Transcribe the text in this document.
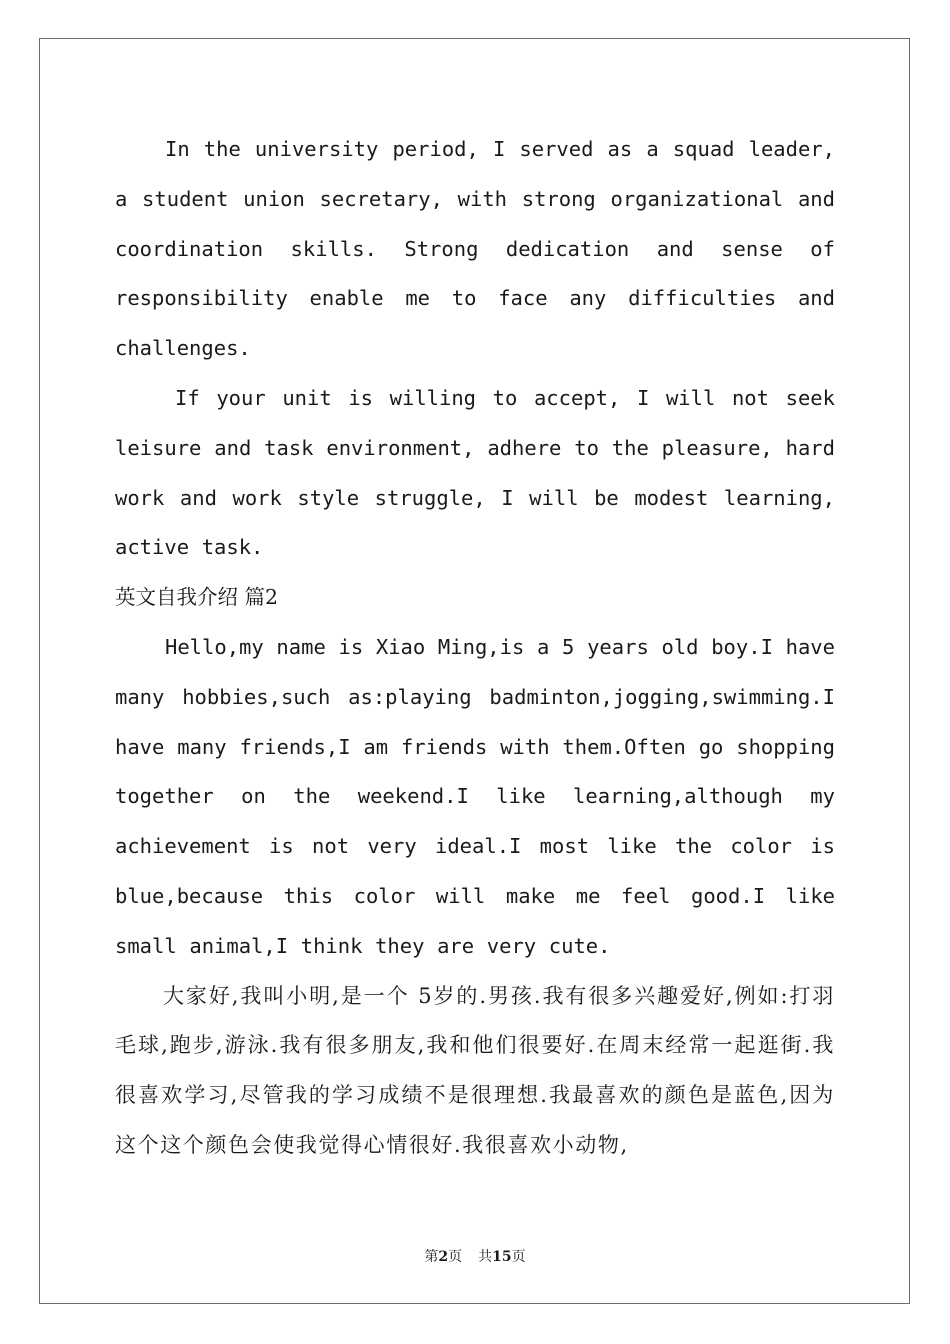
In the university period, I served as a squad leader, a student union secretary, with strong organizational and coordination skills. Strong dedication and sense of responsibility enable me to face any difficulties and challenges.

If your unit is willing to accept, I will not seek leisure and task environment, adhere to the pleasure, hard work and work style struggle, I will be modest learning, active task.

英文自我介绍 篇2

Hello,my name is Xiao Ming,is a 5 years old boy.I have many hobbies,such as:playing badminton,jogging,swimming.I have many friends,I am friends with them.Often go shopping together on the weekend.I like learning,although my achievement is not very ideal.I most like the color is blue,because this color will make me feel good.I like small animal,I think they are very cute.

大家好,我叫小明,是一个 5岁的.男孩.我有很多兴趣爱好,例如:打羽毛球,跑步,游泳.我有很多朋友,我和他们很要好.在周末经常一起逛街.我很喜欢学习,尽管我的学习成绩不是很理想.我最喜欢的颜色是蓝色,因为这个这个颜色会使我觉得心情很好.我很喜欢小动物,

第2页 共15页
